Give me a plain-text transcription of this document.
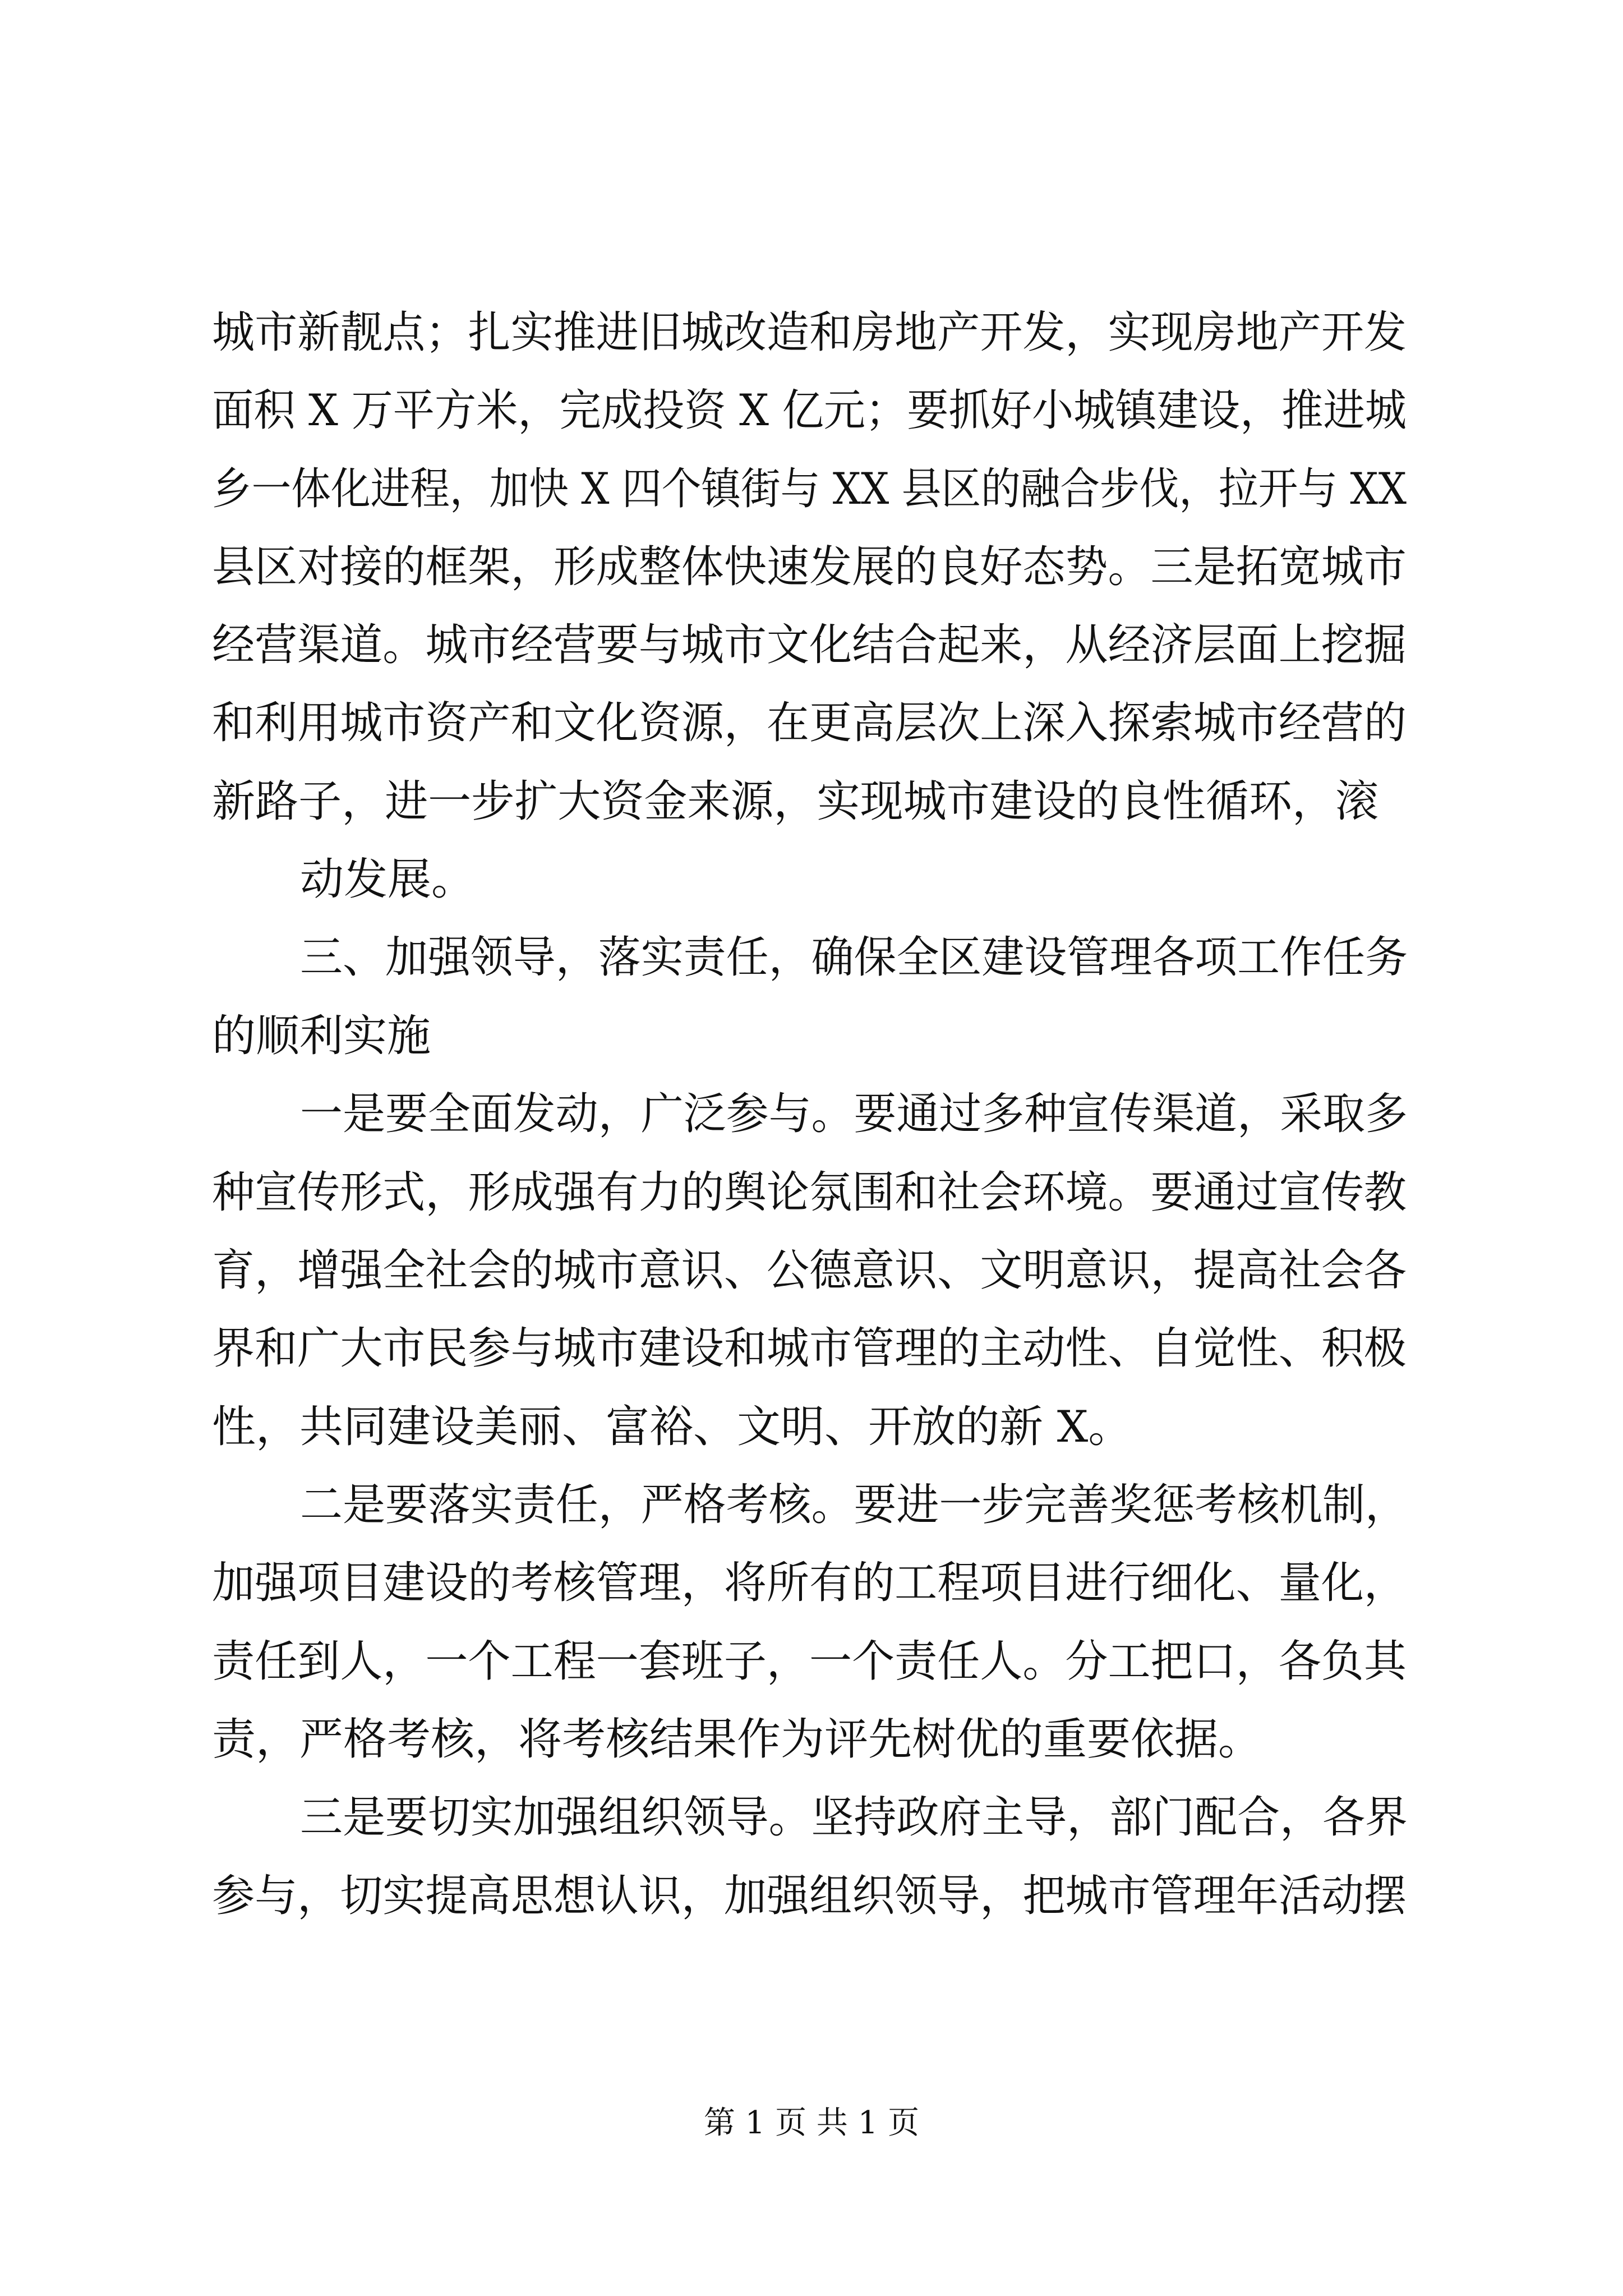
城市新靓点；扎实推进旧城改造和房地产开发，实现房地产开发

面积 X 万平方米，完成投资 X 亿元；要抓好小城镇建设，推进城

乡一体化进程，加快 X 四个镇街与 XX 县区的融合步伐，拉开与 XX

县区对接的框架，形成整体快速发展的良好态势。三是拓宽城市

经营渠道。城市经营要与城市文化结合起来，从经济层面上挖掘

和利用城市资产和文化资源，在更高层次上深入探索城市经营的

新路子，进一步扩大资金来源，实现城市建设的良性循环，滚

动发展。

三、加强领导，落实责任，确保全区建设管理各项工作任务

的顺利实施

一是要全面发动，广泛参与。要通过多种宣传渠道，采取多

种宣传形式，形成强有力的舆论氛围和社会环境。要通过宣传教

育，增强全社会的城市意识、公德意识、文明意识，提高社会各

界和广大市民参与城市建设和城市管理的主动性、自觉性、积极

性，共同建设美丽、富裕、文明、开放的新 X。

二是要落实责任，严格考核。要进一步完善奖惩考核机制，

加强项目建设的考核管理，将所有的工程项目进行细化、量化，

责任到人，一个工程一套班子，一个责任人。分工把口，各负其

责，严格考核，将考核结果作为评先树优的重要依据。

三是要切实加强组织领导。坚持政府主导，部门配合，各界

参与，切实提高思想认识，加强组织领导，把城市管理年活动摆

第 1 页 共 1 页
